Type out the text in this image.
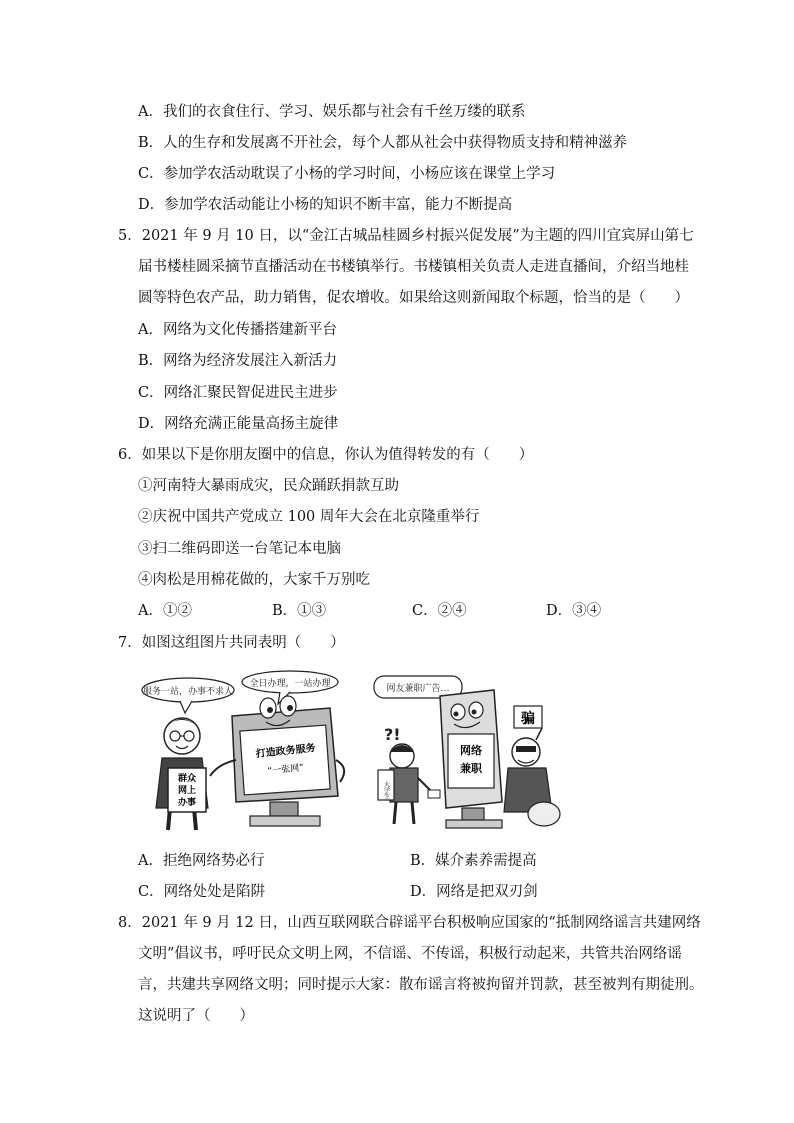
A．我们的衣食住行、学习、娱乐都与社会有千丝万缕的联系
B．人的生存和发展离不开社会，每个人都从社会中获得物质支持和精神滋养
C．参加学农活动耽误了小杨的学习时间，小杨应该在课堂上学习
D．参加学农活动能让小杨的知识不断丰富，能力不断提高
5．2021 年 9 月 10 日，以“金江古城品桂圆乡村振兴促发展”为主题的四川宜宾屏山第七
届书楼桂圆采摘节直播活动在书楼镇举行。书楼镇相关负责人走进直播间，介绍当地桂
圆等特色农产品，助力销售，促农增收。如果给这则新闻取个标题，恰当的是（　　）
A．网络为文化传播搭建新平台
B．网络为经济发展注入新活力
C．网络汇聚民智促进民主进步
D．网络充满正能量高扬主旋律
6．如果以下是你朋友圈中的信息，你认为值得转发的有（　　）
①河南特大暴雨成灾，民众踊跃捐款互助
②庆祝中国共产党成立 100 周年大会在北京隆重举行
③扫二维码即送一台笔记本电脑
④肉松是用棉花做的，大家千万别吃
A．①②	B．①③	C．②④	D．③④
7．如图这组图片共同表明（　　）
服务一站，办事不求人
全日办理，一站办理
群众
网上
办事
打造政务服务
“一张网”
网友兼职广告…
网络
兼职
?!
大学生
骗
A．拒绝网络势必行	B．媒介素养需提高
C．网络处处是陷阱	D．网络是把双刃剑
8．2021 年 9 月 12 日，山西互联网联合辟谣平台积极响应国家的“抵制网络谣言共建网络
文明”倡议书，呼吁民众文明上网，不信谣、不传谣，积极行动起来，共管共治网络谣
言，共建共享网络文明；同时提示大家：散布谣言将被拘留并罚款，甚至被判有期徒刑。
这说明了（　　）
